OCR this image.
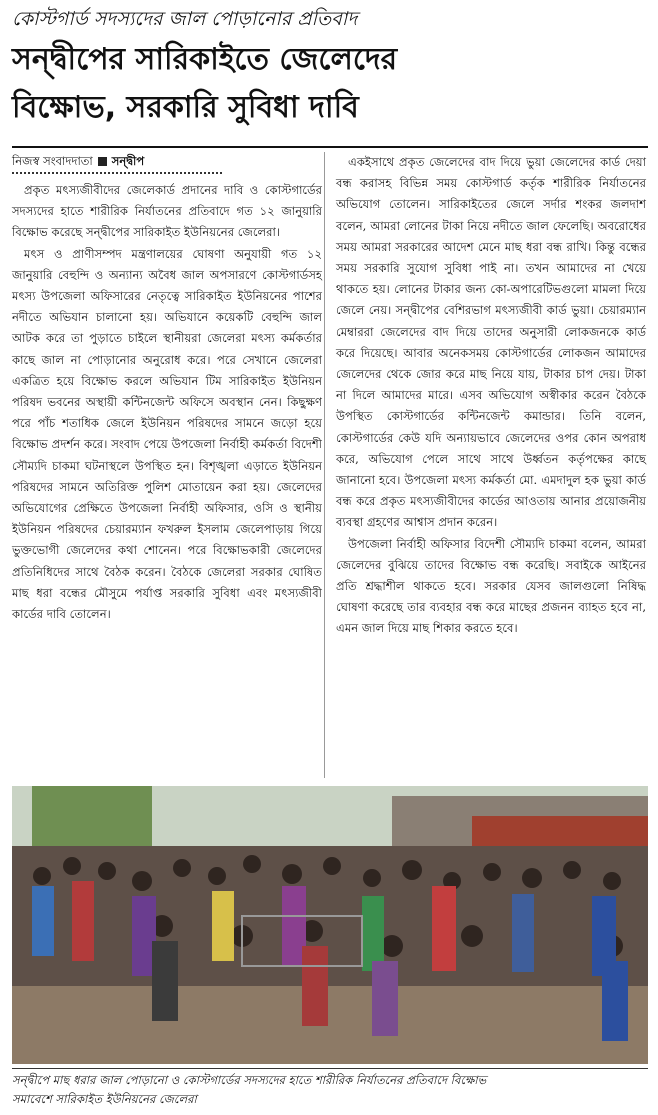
কোস্টগার্ড সদস্যদের জাল পোড়ানোর প্রতিবাদ
সন্দ্বীপের সারিকাইতে জেলেদের
বিক্ষোভ, সরকারি সুবিধা দাবি
নিজস্ব সংবাদদাতা সন্দ্বীপ

প্রকৃত মৎস্যজীবীদের জেলেকার্ড প্রদানের দাবি ও কোস্টগার্ডের সদস্যদের হাতে শারীরিক নির্যাতনের প্রতিবাদে গত ১২ জানুয়ারি বিক্ষোভ করেছে সন্দ্বীপের সারিকাইত ইউনিয়নের জেলেরা।

মৎস ও প্রাণীসম্পদ মন্ত্রণালয়ের ঘোষণা অনুযায়ী গত ১২ জানুয়ারি বেহুন্দি ও অন্যান্য অবৈধ জাল অপসারণে কোস্টগার্ডসহ মৎস্য উপজেলা অফিসারের নেতৃত্বে সারিকাইত ইউনিয়নের পাশের নদীতে অভিযান চালানো হয়। অভিযানে কয়েকটি বেহুন্দি জাল আটক করে তা পুড়াতে চাইলে স্থানীয়রা জেলেরা মৎস্য কর্মকর্তার কাছে জাল না পোড়ানোর অনুরোধ করে। পরে সেখানে জেলেরা একত্রিত হয়ে বিক্ষোভ করলে অভিযান টিম সারিকাইত ইউনিয়ন পরিষদ ভবনের অস্থায়ী কন্টিনজেন্ট অফিসে অবস্থান নেন। কিছুক্ষণ পরে পাঁচ শতাধিক জেলে ইউনিয়ন পরিষদের সামনে জড়ো হয়ে বিক্ষোভ প্রদর্শন করে। সংবাদ পেয়ে উপজেলা নির্বাহী কর্মকর্তা বিদেশী সৌম্যদি চাকমা ঘটনাস্থলে উপস্থিত হন। বিশৃঙ্খলা এড়াতে ইউনিয়ন পরিষদের সামনে অতিরিক্ত পুলিশ মোতায়েন করা হয়। জেলেদের অভিযোগের প্রেক্ষিতে উপজেলা নির্বাহী অফিসার, ওসি ও স্থানীয় ইউনিয়ন পরিষদের চেয়ারম্যান ফখরুল ইসলাম জেলেপাড়ায় গিয়ে ভুক্তভোগী জেলেদের কথা শোনেন। পরে বিক্ষোভকারী জেলেদের প্রতিনিধিদের সাথে বৈঠক করেন। বৈঠকে জেলেরা সরকার ঘোষিত মাছ ধরা বন্ধের মৌসুমে পর্যাপ্ত সরকারি সুবিধা এবং মৎস্যজীবী কার্ডের দাবি তোলেন।

একইসাথে প্রকৃত জেলেদের বাদ দিয়ে ভুয়া জেলেদের কার্ড দেয়া বন্ধ করাসহ বিভিন্ন সময় কোস্টগার্ড কর্তৃক শারীরিক নির্যাতনের অভিযোগ তোলেন। সারিকাইতের জেলে সর্দার শংকর জলদাশ বলেন, আমরা লোনের টাকা নিয়ে নদীতে জাল ফেলেছি। অবরোধের সময় আমরা সরকারের আদেশ মেনে মাছ ধরা বন্ধ রাখি। কিন্তু বন্ধের সময় সরকারি সুযোগ সুবিধা পাই না। তখন আমাদের না খেয়ে থাকতে হয়। লোনের টাকার জন্য কো-অপারেটিভগুলো মামলা দিয়ে জেলে নেয়। সন্দ্বীপের বেশিরভাগ মৎস্যজীবী কার্ড ভুয়া। চেয়ারম্যান মেম্বাররা জেলেদের বাদ দিয়ে তাদের অনুসারী লোকজনকে কার্ড করে দিয়েছে। আবার অনেকসময় কোস্টগার্ডের লোকজন আমাদের জেলেদের থেকে জোর করে মাছ নিয়ে যায়, টাকার চাপ দেয়। টাকা না দিলে আমাদের মারে। এসব অভিযোগ অস্বীকার করেন বৈঠকে উপস্থিত কোস্টগার্ডের কন্টিনজেন্ট কমান্ডার। তিনি বলেন, কোস্টগার্ডের কেউ যদি অন্যায়ভাবে জেলেদের ওপর কোন অপরাধ করে, অভিযোগ পেলে সাথে সাথে উর্ধ্বতন কর্তৃপক্ষের কাছে জানানো হবে। উপজেলা মৎস্য কর্মকর্তা মো. এমদাদুল হক ভুয়া কার্ড বন্ধ করে প্রকৃত মৎস্যজীবীদের কার্ডের আওতায় আনার প্রয়োজনীয় ব্যবস্থা গ্রহণের আশ্বাস প্রদান করেন।

উপজেলা নির্বাহী অফিসার বিদেশী সৌম্যদি চাকমা বলেন, আমরা জেলেদের বুঝিয়ে তাদের বিক্ষোভ বন্ধ করেছি। সবাইকে আইনের প্রতি শ্রদ্ধাশীল থাকতে হবে। সরকার যেসব জালগুলো নিষিদ্ধ ঘোষণা করেছে তার ব্যবহার বন্ধ করে মাছের প্রজনন ব্যাহত হবে না, এমন জাল দিয়ে মাছ শিকার করতে হবে।

সন্দ্বীপে মাছ ধরার জাল পোড়ানো ও কোস্টগার্ডের সদস্যদের হাতে শারীরিক নির্যাতনের প্রতিবাদে বিক্ষোভ
সমাবেশে সারিকাইত ইউনিয়নের জেলেরা
